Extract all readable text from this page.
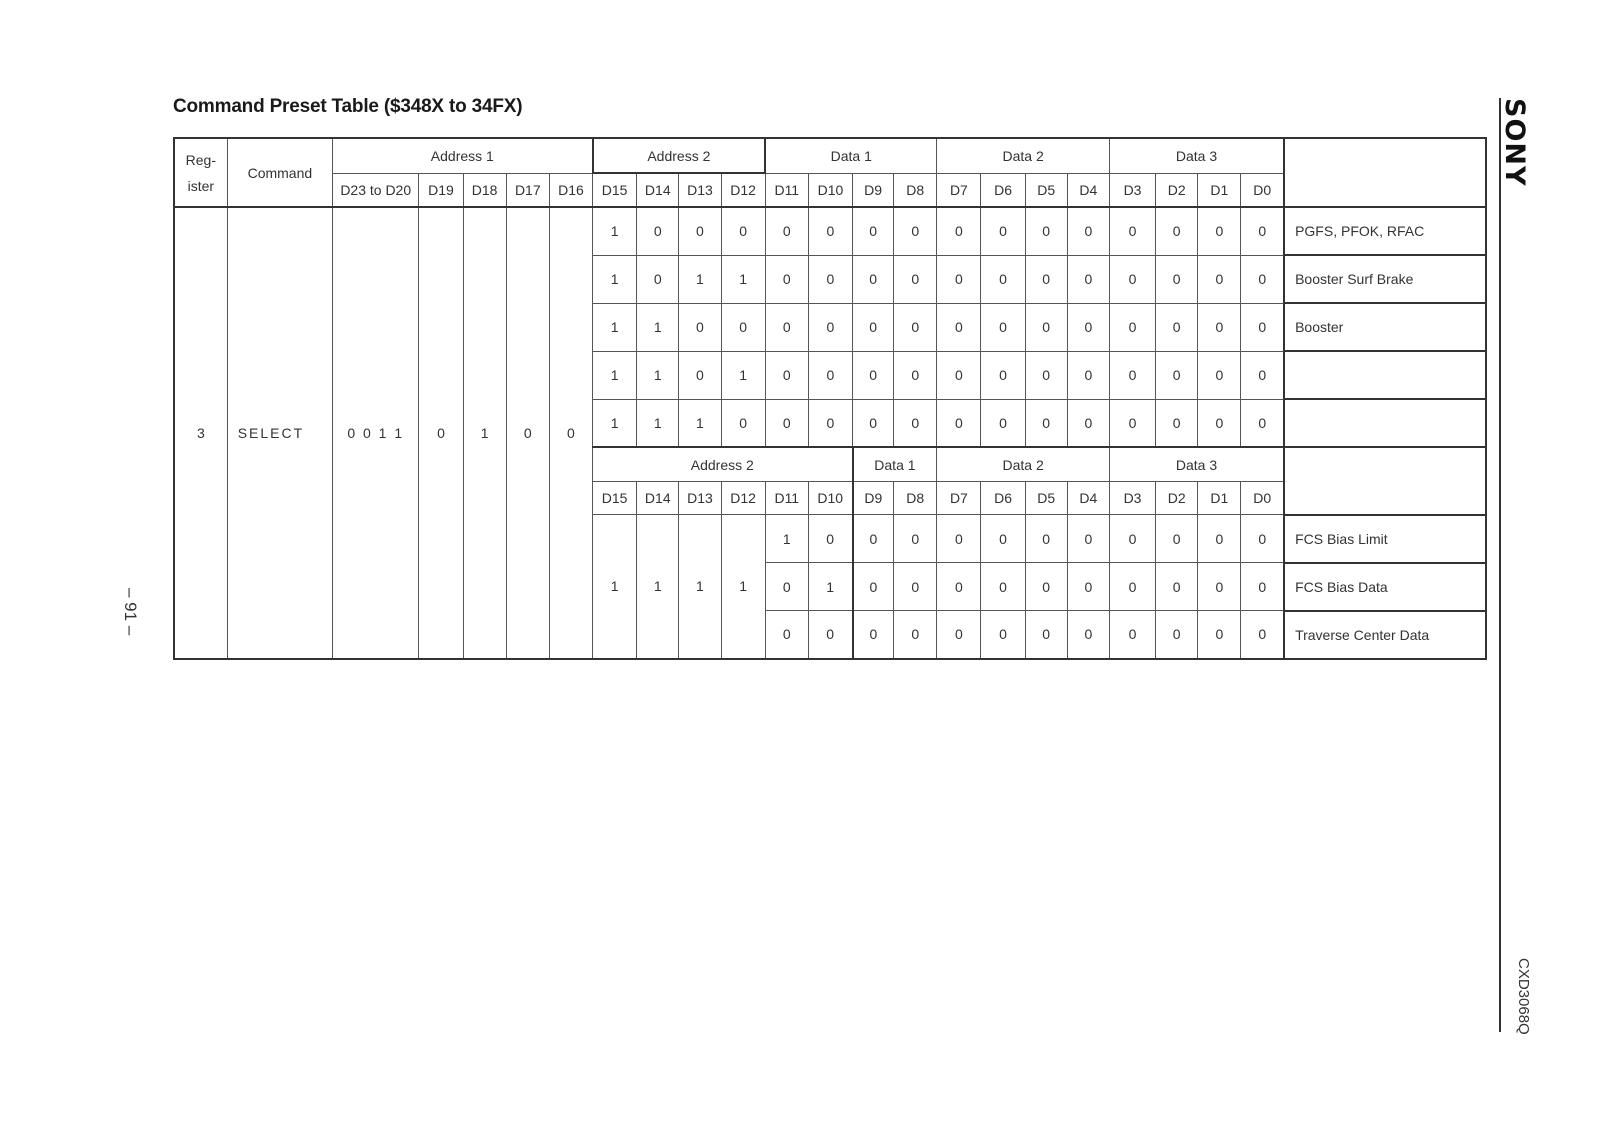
Command Preset Table ($348X to 34FX)
Reg-
ister	Command	Address 1					Address 2				Data 1				Data 2				Data 3				
		D23 to D20	D19	D18	D17	D16	D15	D14	D13	D12	D11	D10	D9	D8	D7	D6	D5	D4	D3	D2	D1	D0	
3	SELECT	0 0 1 1	0	1	0	0	1	0	0	0	0	0	0	0	0	0	0	0	0	0	0	0	PGFS, PFOK, RFAC
							1	0	1	1	0	0	0	0	0	0	0	0	0	0	0	0	Booster Surf Brake
							1	1	0	0	0	0	0	0	0	0	0	0	0	0	0	0	Booster
							1	1	0	1	0	0	0	0	0	0	0	0	0	0	0	0	
							1	1	1	0	0	0	0	0	0	0	0	0	0	0	0	0	
							Address 2						Data 1		Data 2				Data 3				
							D15	D14	D13	D12	D11	D10	D9	D8	D7	D6	D5	D4	D3	D2	D1	D0	
							1	1	1	1	1	0	0	0	0	0	0	0	0	0	0	0	FCS Bias Limit
											0	1	0	0	0	0	0	0	0	0	0	0	FCS Bias Data
											0	0	0	0	0	0	0	0	0	0	0	0	Traverse Center Data
SONY
CXD3068Q
– 91 –
